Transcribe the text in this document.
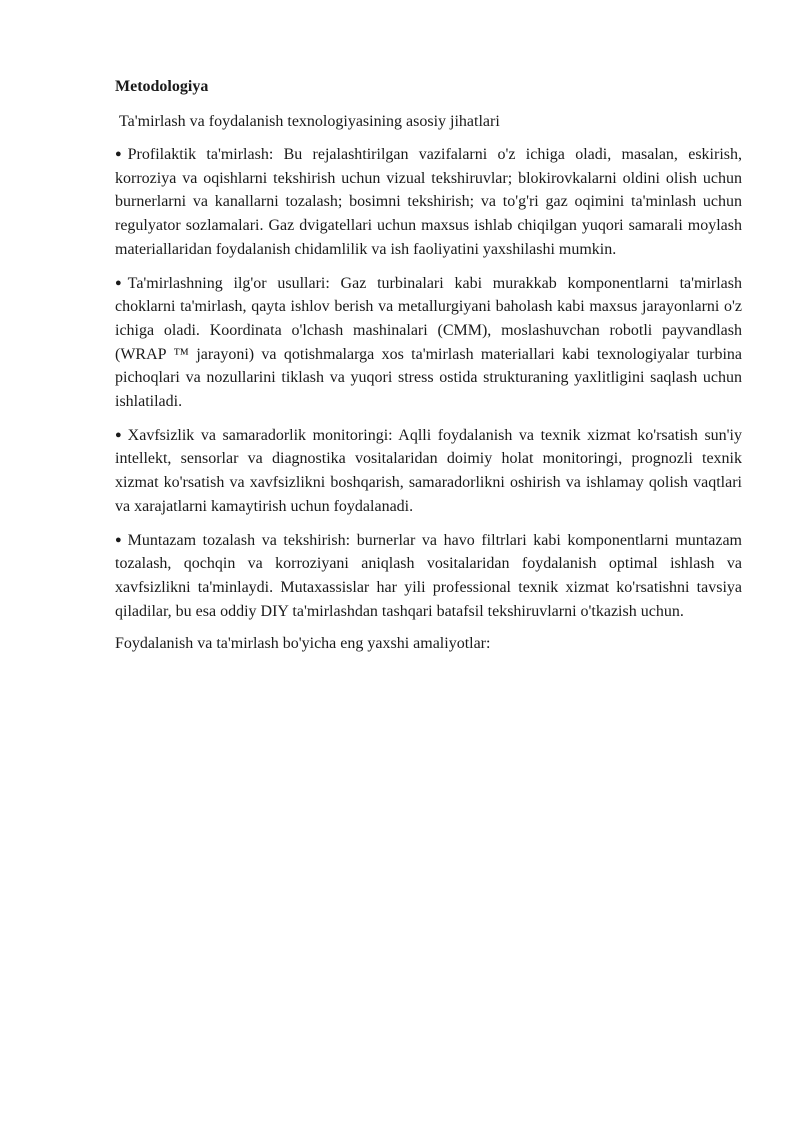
Metodologiya
Ta'mirlash va foydalanish texnologiyasining asosiy jihatlari
● Profilaktik ta'mirlash: Bu rejalashtirilgan vazifalarni o'z ichiga oladi, masalan, eskirish, korroziya va oqishlarni tekshirish uchun vizual tekshiruvlar; blokirovkalarni oldini olish uchun burnerlarni va kanallarni tozalash; bosimni tekshirish; va to'g'ri gaz oqimini ta'minlash uchun regulyator sozlamalari. Gaz dvigatellari uchun maxsus ishlab chiqilgan yuqori samarali moylash materiallaridan foydalanish chidamlilik va ish faoliyatini yaxshilashi mumkin.
● Ta'mirlashning ilg'or usullari: Gaz turbinalari kabi murakkab komponentlarni ta'mirlash choklarni ta'mirlash, qayta ishlov berish va metallurgiyani baholash kabi maxsus jarayonlarni o'z ichiga oladi. Koordinata o'lchash mashinalari (CMM), moslashuvchan robotli payvandlash (WRAP ™ jarayoni) va qotishmalarga xos ta'mirlash materiallari kabi texnologiyalar turbina pichoqlari va nozullarini tiklash va yuqori stress ostida strukturaning yaxlitligini saqlash uchun ishlatiladi.
● Xavfsizlik va samaradorlik monitoringi: Aqlli foydalanish va texnik xizmat ko'rsatish sun'iy intellekt, sensorlar va diagnostika vositalaridan doimiy holat monitoringi, prognozli texnik xizmat ko'rsatish va xavfsizlikni boshqarish, samaradorlikni oshirish va ishlamay qolish vaqtlari va xarajatlarni kamaytirish uchun foydalanadi.
● Muntazam tozalash va tekshirish: burnerlar va havo filtrlari kabi komponentlarni muntazam tozalash, qochqin va korroziyani aniqlash vositalaridan foydalanish optimal ishlash va xavfsizlikni ta'minlaydi. Mutaxassislar har yili professional texnik xizmat ko'rsatishni tavsiya qiladilar, bu esa oddiy DIY ta'mirlashdan tashqari batafsil tekshiruvlarni o'tkazish uchun.
Foydalanish va ta'mirlash bo'yicha eng yaxshi amaliyotlar:
